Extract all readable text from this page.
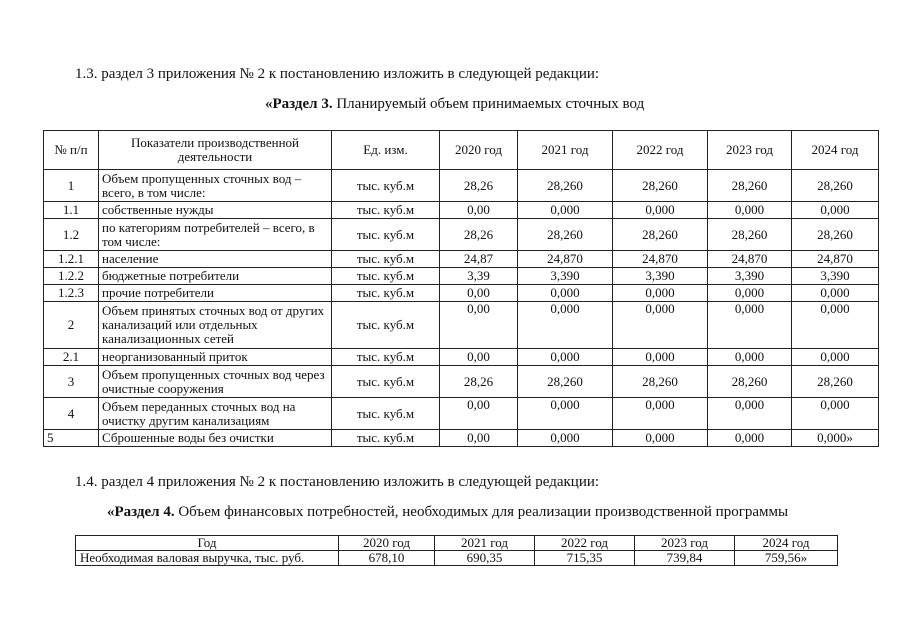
1.3. раздел 3 приложения № 2 к постановлению изложить в следующей редакции:
«Раздел 3. Планируемый объем принимаемых сточных вод
№ п/п	Показатели производственной деятельности	Ед. изм.	2020 год	2021 год	2022 год	2023 год	2024 год
1	Объем пропущенных сточных вод – всего, в том числе:	тыс. куб.м	28,26	28,260	28,260	28,260	28,260
1.1	собственные нужды	тыс. куб.м	0,00	0,000	0,000	0,000	0,000
1.2	по категориям потребителей – всего, в том числе:	тыс. куб.м	28,26	28,260	28,260	28,260	28,260
1.2.1	население	тыс. куб.м	24,87	24,870	24,870	24,870	24,870
1.2.2	бюджетные потребители	тыс. куб.м	3,39	3,390	3,390	3,390	3,390
1.2.3	прочие потребители	тыс. куб.м	0,00	0,000	0,000	0,000	0,000
2	Объем принятых сточных вод от других канализаций или отдельных канализационных сетей	тыс. куб.м	0,00	0,000	0,000	0,000	0,000
2.1	неорганизованный приток	тыс. куб.м	0,00	0,000	0,000	0,000	0,000
3	Объем пропущенных сточных вод через очистные сооружения	тыс. куб.м	28,26	28,260	28,260	28,260	28,260
4	Объем переданных сточных вод на очистку другим канализациям	тыс. куб.м	0,00	0,000	0,000	0,000	0,000
5	Сброшенные воды без очистки	тыс. куб.м	0,00	0,000	0,000	0,000	0,000»
1.4. раздел 4 приложения № 2 к постановлению изложить в следующей редакции:
«Раздел 4. Объем финансовых потребностей, необходимых для реализации производственной программы
Год	2020 год	2021 год	2022 год	2023 год	2024 год
Необходимая валовая выручка, тыс. руб.	678,10	690,35	715,35	739,84	759,56»
